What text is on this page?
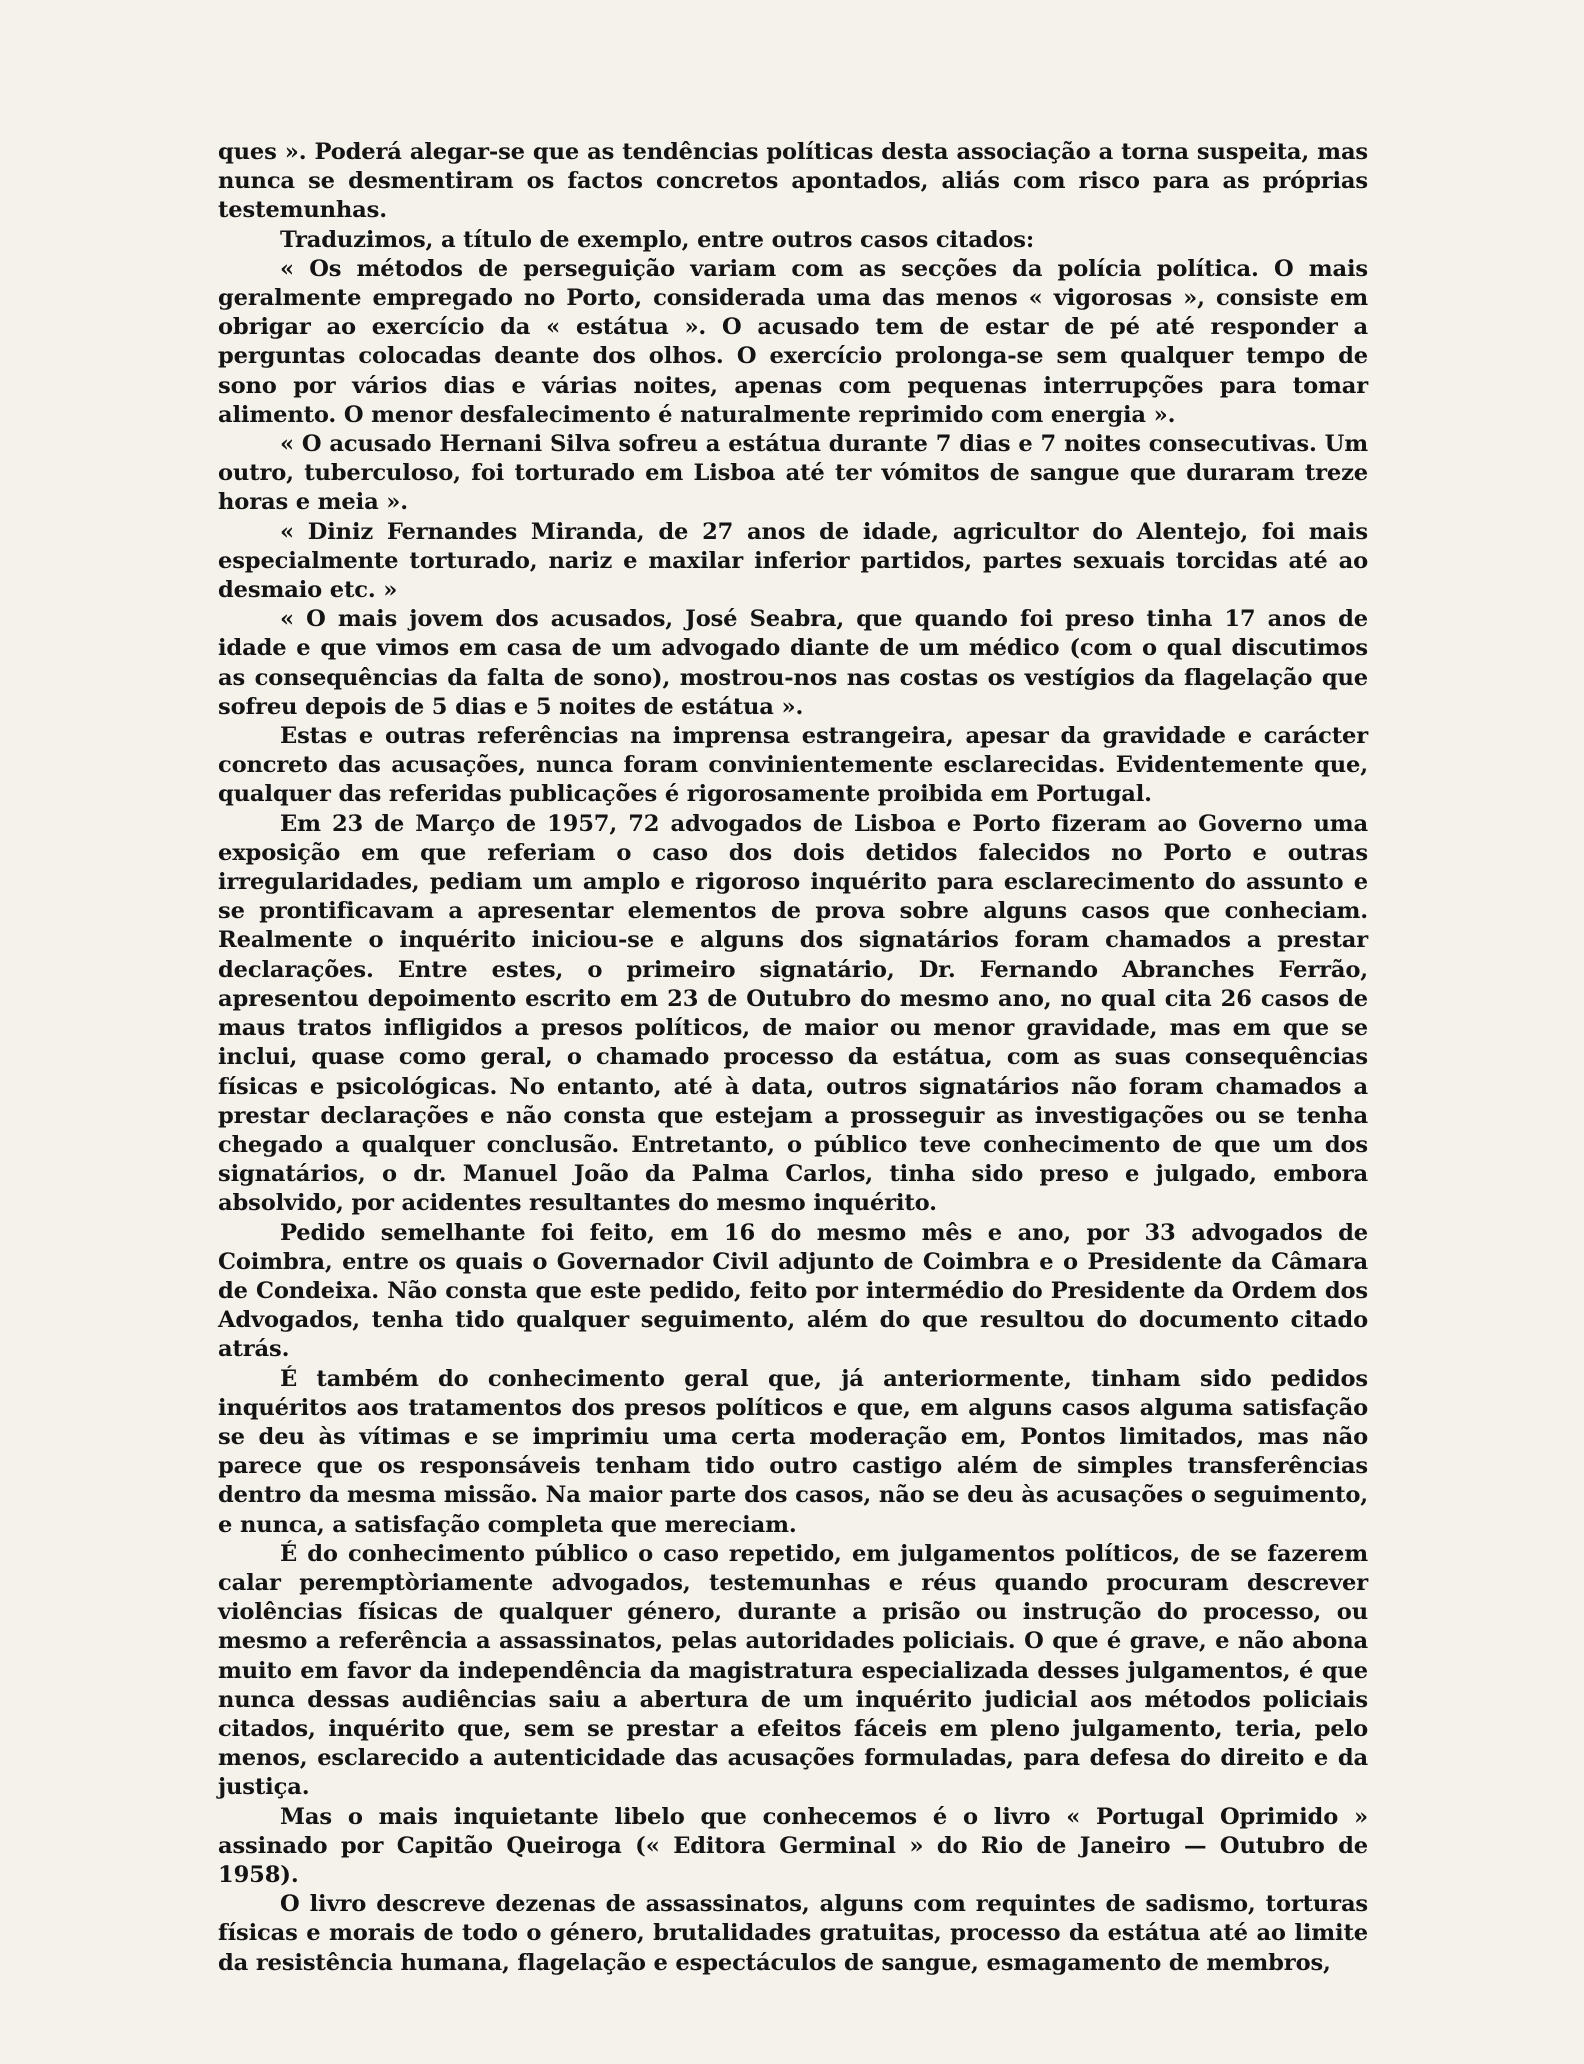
ques ». Poderá alegar-se que as tendências políticas desta associação a torna suspeita, mas nunca se desmentiram os factos concretos apontados, aliás com risco para as próprias testemunhas.

Traduzimos, a título de exemplo, entre outros casos citados:

« Os métodos de perseguição variam com as secções da polícia política. O mais geralmente empregado no Porto, considerada uma das menos « vigorosas », consiste em obrigar ao exercício da « estátua ». O acusado tem de estar de pé até responder a perguntas colocadas deante dos olhos. O exercício prolonga-se sem qualquer tempo de sono por vários dias e várias noites, apenas com pequenas interrupções para tomar alimento. O menor desfalecimento é naturalmente reprimido com energia ».

« O acusado Hernani Silva sofreu a estátua durante 7 dias e 7 noites consecutivas. Um outro, tuberculoso, foi torturado em Lisboa até ter vómitos de sangue que duraram treze horas e meia ».

« Diniz Fernandes Miranda, de 27 anos de idade, agricultor do Alentejo, foi mais especialmente torturado, nariz e maxilar inferior partidos, partes sexuais torcidas até ao desmaio etc. »

« O mais jovem dos acusados, José Seabra, que quando foi preso tinha 17 anos de idade e que vimos em casa de um advogado diante de um médico (com o qual discutimos as consequências da falta de sono), mostrou-nos nas costas os vestígios da flagelação que sofreu depois de 5 dias e 5 noites de estátua ».

Estas e outras referências na imprensa estrangeira, apesar da gravidade e carácter concreto das acusações, nunca foram convinientemente esclarecidas. Evidentemente que, qualquer das referidas publicações é rigorosamente proibida em Portugal.

Em 23 de Março de 1957, 72 advogados de Lisboa e Porto fizeram ao Governo uma exposição em que referiam o caso dos dois detidos falecidos no Porto e outras irregularidades, pediam um amplo e rigoroso inquérito para esclarecimento do assunto e se prontificavam a apresentar elementos de prova sobre alguns casos que conheciam. Realmente o inquérito iniciou-se e alguns dos signatários foram chamados a prestar declarações. Entre estes, o primeiro signatário, Dr. Fernando Abranches Ferrão, apresentou depoimento escrito em 23 de Outubro do mesmo ano, no qual cita 26 casos de maus tratos infligidos a presos políticos, de maior ou menor gravidade, mas em que se inclui, quase como geral, o chamado processo da estátua, com as suas consequências físicas e psicológicas. No entanto, até à data, outros signatários não foram chamados a prestar declarações e não consta que estejam a prosseguir as investigações ou se tenha chegado a qualquer conclusão. Entretanto, o público teve conhecimento de que um dos signatários, o dr. Manuel João da Palma Carlos, tinha sido preso e julgado, embora absolvido, por acidentes resultantes do mesmo inquérito.

Pedido semelhante foi feito, em 16 do mesmo mês e ano, por 33 advogados de Coimbra, entre os quais o Governador Civil adjunto de Coimbra e o Presidente da Câmara de Condeixa. Não consta que este pedido, feito por intermédio do Presidente da Ordem dos Advogados, tenha tido qualquer seguimento, além do que resultou do documento citado atrás.

É também do conhecimento geral que, já anteriormente, tinham sido pedidos inquéritos aos tratamentos dos presos políticos e que, em alguns casos alguma satisfação se deu às vítimas e se imprimiu uma certa moderação em, Pontos limitados, mas não parece que os responsáveis tenham tido outro castigo além de simples transferências dentro da mesma missão. Na maior parte dos casos, não se deu às acusações o seguimento, e nunca, a satisfação completa que mereciam.

É do conhecimento público o caso repetido, em julgamentos políticos, de se fazerem calar peremptòriamente advogados, testemunhas e réus quando procuram descrever violências físicas de qualquer género, durante a prisão ou instrução do processo, ou mesmo a referência a assassinatos, pelas autoridades policiais. O que é grave, e não abona muito em favor da independência da magistratura especializada desses julgamentos, é que nunca dessas audiências saiu a abertura de um inquérito judicial aos métodos policiais citados, inquérito que, sem se prestar a efeitos fáceis em pleno julgamento, teria, pelo menos, esclarecido a autenticidade das acusações formuladas, para defesa do direito e da justiça.

Mas o mais inquietante libelo que conhecemos é o livro « Portugal Oprimido » assinado por Capitão Queiroga (« Editora Germinal » do Rio de Janeiro — Outubro de 1958).

O livro descreve dezenas de assassinatos, alguns com requintes de sadismo, torturas físicas e morais de todo o género, brutalidades gratuitas, processo da estátua até ao limite da resistência humana, flagelação e espectáculos de sangue, esmagamento de membros,
